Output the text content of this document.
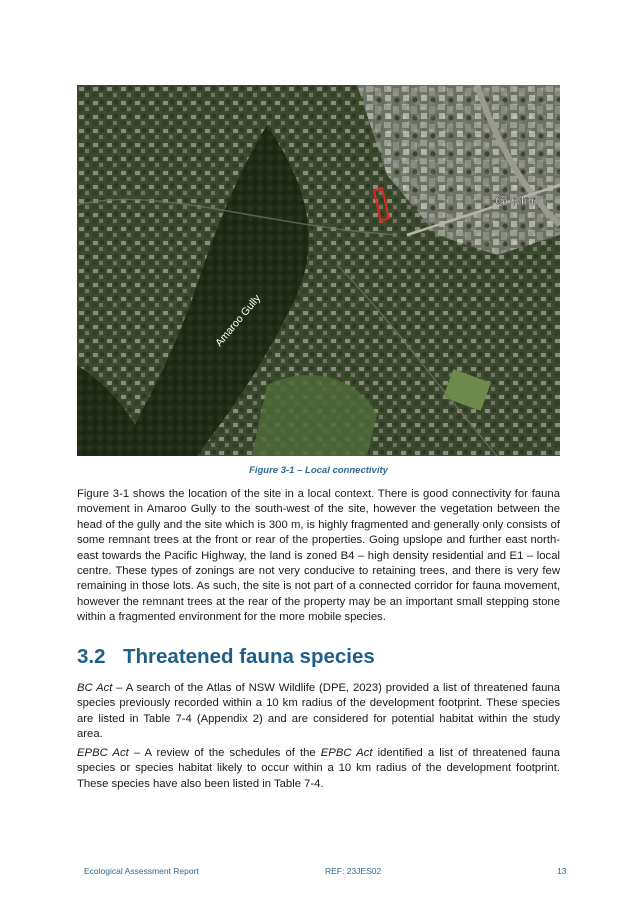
Gordon
Amaroo Gully
Figure 3-1 – Local connectivity

Figure 3-1 shows the location of the site in a local context. There is good connectivity for fauna movement in Amaroo Gully to the south-west of the site, however the vegetation between the head of the gully and the site which is 300 m, is highly fragmented and generally only consists of some remnant trees at the front or rear of the properties. Going upslope and further east north-east towards the Pacific Highway, the land is zoned B4 – high density residential and E1 – local centre. These types of zonings are not very conducive to retaining trees, and there is very few remaining in those lots. As such, the site is not part of a connected corridor for fauna movement, however the remnant trees at the rear of the property may be an important small stepping stone within a fragmented environment for the more mobile species.

3.2 Threatened fauna species

BC Act – A search of the Atlas of NSW Wildlife (DPE, 2023) provided a list of threatened fauna species previously recorded within a 10 km radius of the development footprint. These species are listed in Table 7-4 (Appendix 2) and are considered for potential habitat within the study area.

EPBC Act – A review of the schedules of the EPBC Act identified a list of threatened fauna species or species habitat likely to occur within a 10 km radius of the development footprint. These species have also been listed in Table 7-4.

Ecological Assessment Report	REF: 23JES02	13
